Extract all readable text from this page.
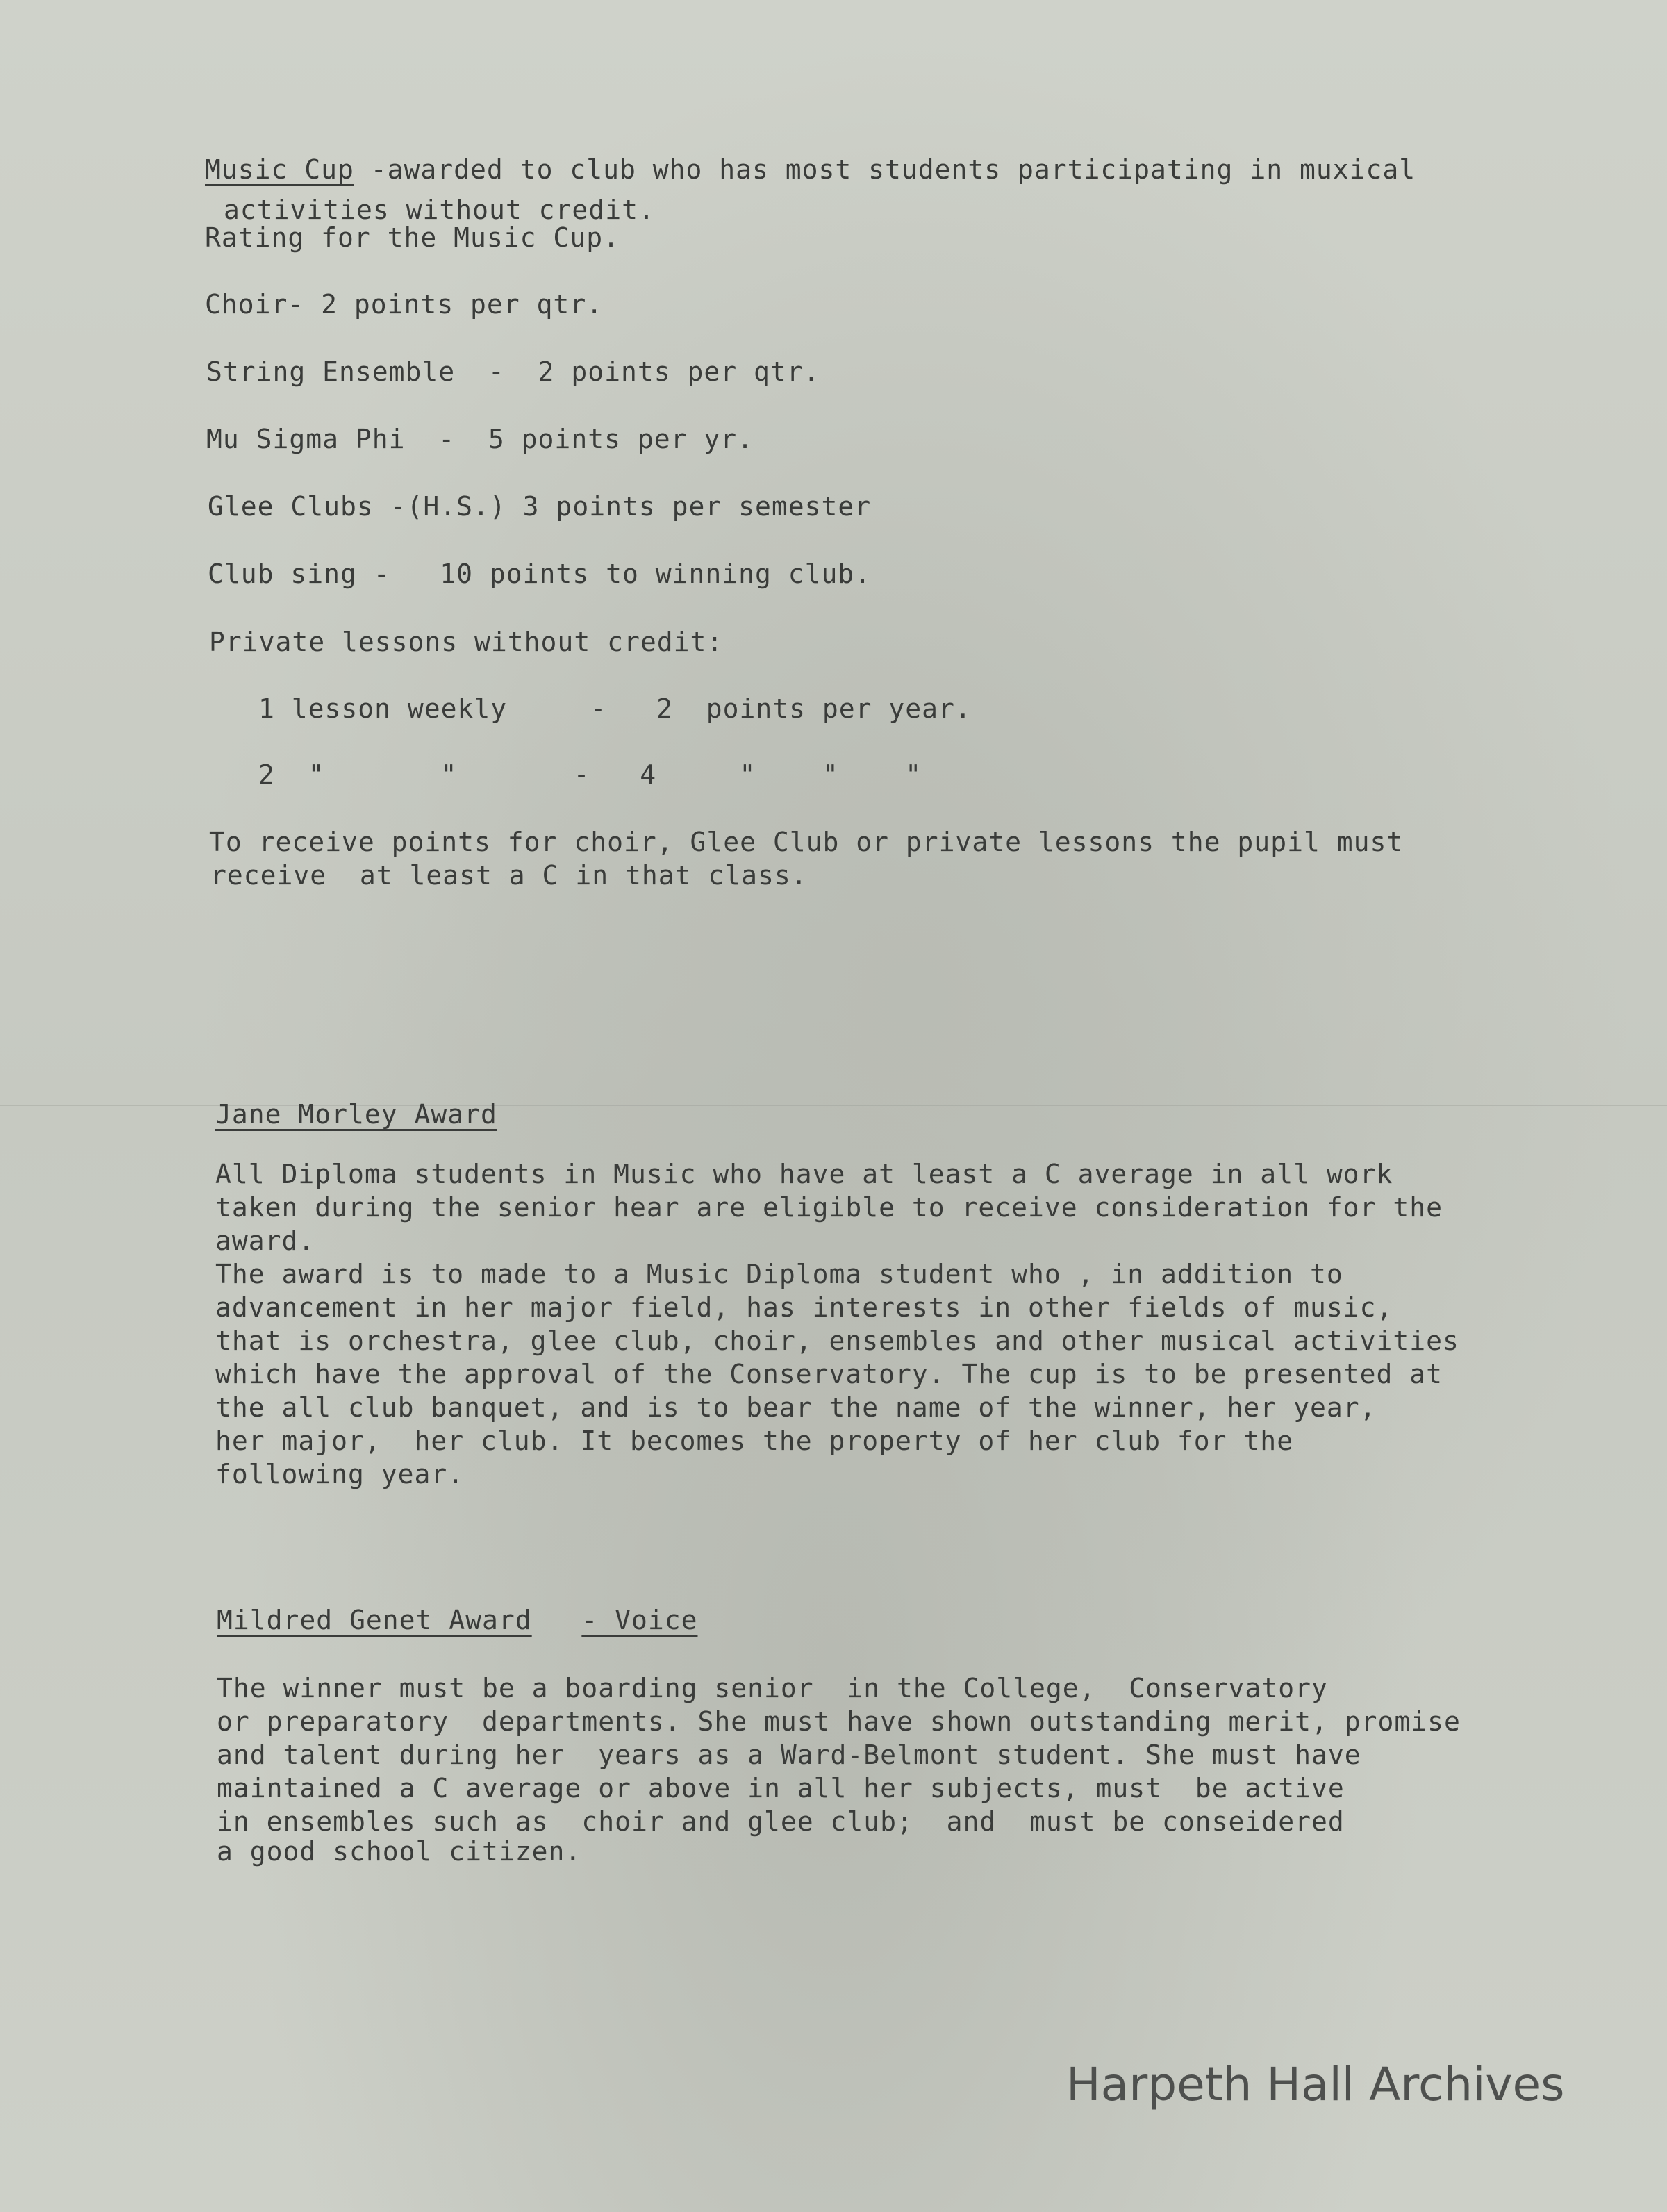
Music Cup -awarded to club who has most students participating in muxical
activities without credit.
Rating for the Music Cup.
Choir- 2 points per qtr.
String Ensemble  -  2 points per qtr.
Mu Sigma Phi  -  5 points per yr.
Glee Clubs -(H.S.) 3 points per semester
Club sing -   10 points to winning club.
Private lessons without credit:
1 lesson weekly     -   2  points per year.
2  "       "       -   4     "    "    "
To receive points for choir, Glee Club or private lessons the pupil must
receive  at least a C in that class.
Jane Morley Award
All Diploma students in Music who have at least a C average in all work
taken during the senior hear are eligible to receive consideration for the
award.
The award is to made to a Music Diploma student who , in addition to
advancement in her major field, has interests in other fields of music,
that is orchestra, glee club, choir, ensembles and other musical activities
which have the approval of the Conservatory. The cup is to be presented at
the all club banquet, and is to bear the name of the winner, her year,
her major,  her club. It becomes the property of her club for the
following year.
Mildred Genet Award - Voice
The winner must be a boarding senior  in the College,  Conservatory
or preparatory  departments. She must have shown outstanding merit, promise
and talent during her  years as a Ward-Belmont student. She must have
maintained a C average or above in all her subjects, must  be active
in ensembles such as  choir and glee club;  and  must be conseidered
a good school citizen.
Harpeth Hall Archives
